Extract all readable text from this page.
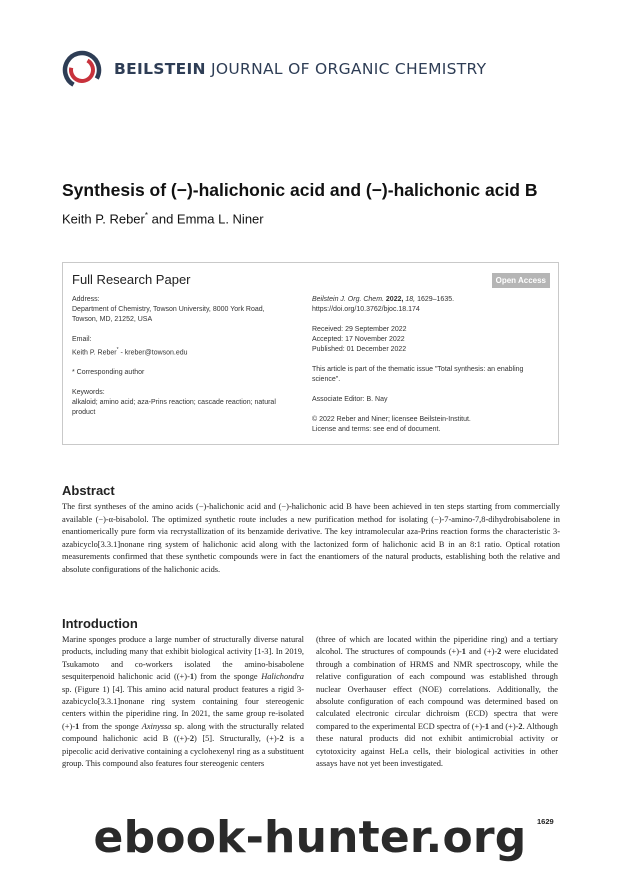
BEILSTEIN JOURNAL OF ORGANIC CHEMISTRY
Synthesis of (−)-halichonic acid and (−)-halichonic acid B
Keith P. Reber* and Emma L. Niner
Full Research Paper	Open Access

Address:
Department of Chemistry, Towson University, 8000 York Road,
Towson, MD, 21252, USA

Email:
Keith P. Reber* - kreber@towson.edu

* Corresponding author

Keywords:
alkaloid; amino acid; aza-Prins reaction; cascade reaction; natural product

Beilstein J. Org. Chem. 2022, 18, 1629–1635.
https://doi.org/10.3762/bjoc.18.174

Received: 29 September 2022
Accepted: 17 November 2022
Published: 01 December 2022

This article is part of the thematic issue "Total synthesis: an enabling science".

Associate Editor: B. Nay

© 2022 Reber and Niner; licensee Beilstein-Institut.
License and terms: see end of document.

Abstract

The first syntheses of the amino acids (−)-halichonic acid and (−)-halichonic acid B have been achieved in ten steps starting from commercially available (−)-α-bisabolol. The optimized synthetic route includes a new purification method for isolating (−)-7-amino-7,8-dihydrobisabolene in enantiomerically pure form via recrystallization of its benzamide derivative. The key intramolecular aza-Prins reaction forms the characteristic 3-azabicyclo[3.3.1]nonane ring system of halichonic acid along with the lactonized form of halichonic acid B in an 8:1 ratio. Optical rotation measurements confirmed that these synthetic compounds were in fact the enantiomers of the natural products, establishing both the relative and absolute configurations of the halichonic acids.

Introduction

Marine sponges produce a large number of structurally diverse natural products, including many that exhibit biological activity [1-3]. In 2019, Tsukamoto and co-workers isolated the amino-bisabolene sesquiterpenoid halichonic acid ((+)-1) from the sponge Halichondra sp. (Figure 1) [4]. This amino acid natural product features a rigid 3-azabicyclo[3.3.1]nonane ring system containing four stereogenic centers within the piperidine ring. In 2021, the same group re-isolated (+)-1 from the sponge Axinyssa sp. along with the structurally related compound halichonic acid B ((+)-2) [5]. Structurally, (+)-2 is a pipecolic acid derivative containing a cyclohexenyl ring as a substituent group. This compound also features four stereogenic centers

(three of which are located within the piperidine ring) and a tertiary alcohol. The structures of compounds (+)-1 and (+)-2 were elucidated through a combination of HRMS and NMR spectroscopy, while the relative configuration of each compound was established through nuclear Overhauser effect (NOE) correlations. Additionally, the absolute configuration of each compound was determined based on calculated electronic circular dichroism (ECD) spectra that were compared to the experimental ECD spectra of (+)-1 and (+)-2. Although these natural products did not exhibit antimicrobial activity or cytotoxicity against HeLa cells, their biological activities in other assays have not yet been investigated.

1629
ebook-hunter.org
